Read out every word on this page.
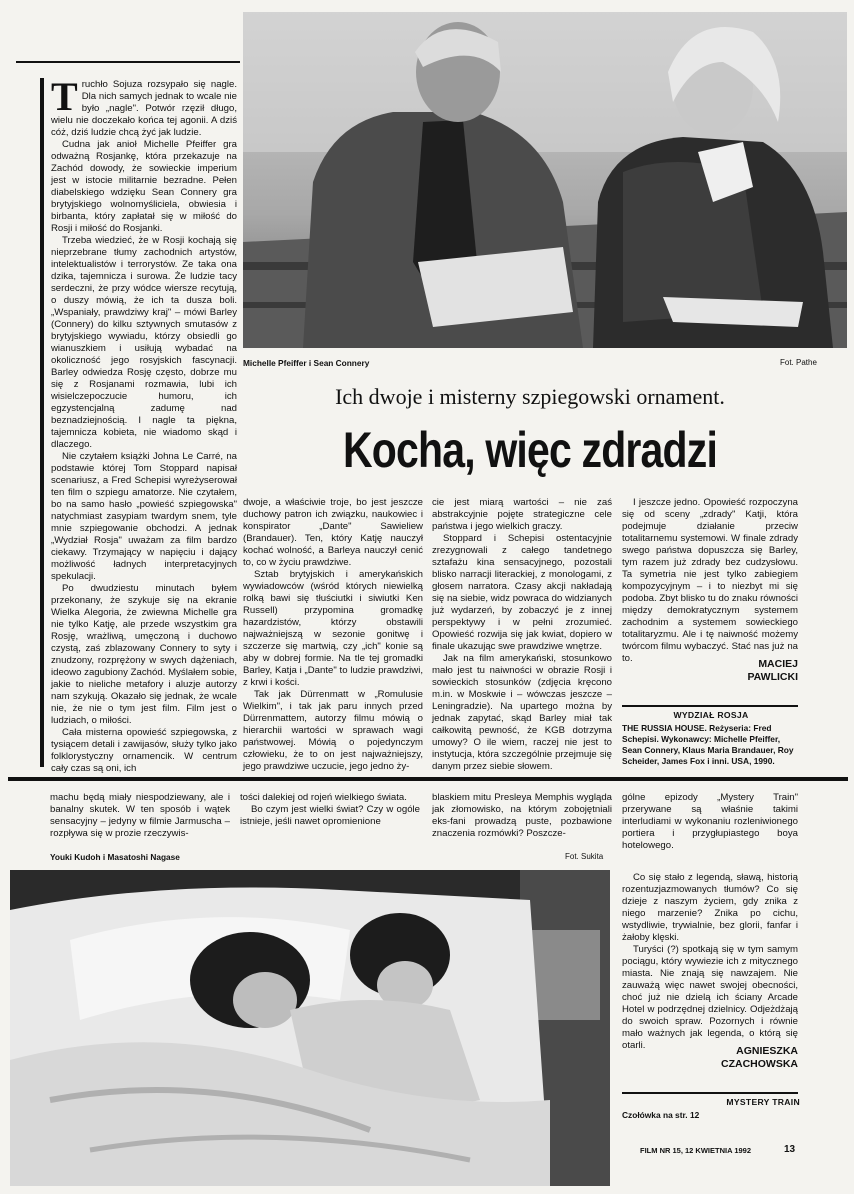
Michelle Pfeiffer i Sean Connery	Fot. Pathe
T ruchło Sojuza rozsypało się nagle. Dla nich samych jednak to wcale nie było „nagle". Potwór rzęził długo, wielu nie doczekało końca tej agonii. A dziś cóż, dziś ludzie chcą żyć jak ludzie.

Cudna jak anioł Michelle Pfeiffer gra odważną Rosjankę, która przekazuje na Zachód dowody, że sowieckie imperium jest w istocie militarnie bezradne. Pełen diabelskiego wdzięku Sean Connery gra brytyjskiego wolnomyśliciela, obwiesia i birbanta, który zapłatał się w miłość do Rosji i miłość do Rosjanki.

Trzeba wiedzieć, że w Rosji kochają się nieprzebrane tłumy zachodnich artystów, intelektualistów i terrorystów. Ze taka ona dzika, tajemnicza i surowa. Że ludzie tacy serdeczni, że przy wódce wiersze recytują, o duszy mówią, że ich ta dusza boli. „Wspaniały, prawdziwy kraj" – mówi Barley (Connery) do kilku sztywnych smutasów z brytyjskiego wywiadu, którzy obsiedli go wianuszkiem i usiłują wybadać na okoliczność jego rosyjskich fascynacji. Barley odwiedza Rosję często, dobrze mu się z Rosjanami rozmawia, lubi ich wisielczepoczucie humoru, ich egzystencjalną zadumę nad beznadziejnością. I nagle ta piękna, tajemnicza kobieta, nie wiadomo skąd i dlaczego.

Nie czytałem książki Johna Le Carré, na podstawie której Tom Stoppard napisał scenariusz, a Fred Schepisi wyreżyserował ten film o szpiegu amatorze. Nie czytałem, bo na samo hasło „powieść szpiegowska" natychmiast zasypiam twardym snem, tyle mnie szpiegowanie obchodzi. A jednak „Wydział Rosja" uważam za film bardzo ciekawy. Trzymający w napięciu i dający możliwość ładnych interpretacyjnych spekulacji.

Po dwudziestu minutach byłem przekonany, że szykuje się na ekranie Wielka Alegoria, że zwiewna Michelle gra nie tylko Katję, ale przede wszystkim gra Rosję, wrażliwą, umęczoną i duchowo czystą, zaś zblazowany Connery to syty i znudzony, rozprężony w swych dążeniach, ideowo zagubiony Zachód. Myślałem sobie, jakie to nieliche metafory i aluzje autorzy nam szykują. Okazało się jednak, że wcale nie, że nie o tym jest film. Film jest o ludziach, o miłości.

Cała misterna opowieść szpiegowska, z tysiącem detali i zawijasów, służy tylko jako folklorystyczny ornamencik. W centrum cały czas są oni, ich

Ich dwoje i misterny szpiegowski ornament.
Kocha, więc zdradzi

dwoje, a właściwie troje, bo jest jeszcze duchowy patron ich związku, naukowiec i konspirator „Dante" Sawieliew (Brandauer). Ten, który Katję nauczył kochać wolność, a Barleya nauczył cenić to, co w życiu prawdziwe.

Sztab brytyjskich i amerykańskich wywiadowców (wśród których niewielką rolką bawi się tłuściutki i siwiutki Ken Russell) przypomina gromadkę hazardzistów, którzy obstawili najważniejszą w sezonie gonitwę i szczerze się martwią, czy „ich" konie są aby w dobrej formie. Na tle tej gromadki Barley, Katja i „Dante" to ludzie prawdziwi, z krwi i kości.

Tak jak Dürrenmatt w „Romulusie Wielkim", i tak jak paru innych przed Dürrenmattem, autorzy filmu mówią o hierarchii wartości w sprawach wagi państwowej. Mówią o pojedynczym człowieku, że to on jest najważniejszy, jego prawdziwe uczucie, jego jedno ży-

cie jest miarą wartości – nie zaś abstrakcyjnie pojęte strategiczne cele państwa i jego wielkich graczy.

Stoppard i Schepisi ostentacyjnie zrezygnowali z całego tandetnego sztafażu kina sensacyjnego, pozostali blisko narracji literackiej, z monologami, z głosem narratora. Czasy akcji nakładają się na siebie, widz powraca do widzianych już wydarzeń, by zobaczyć je z innej perspektywy i w pełni zrozumieć. Opowieść rozwija się jak kwiat, dopiero w finale ukazując swe prawdziwe wnętrze.

Jak na film amerykański, stosunkowo mało jest tu naiwności w obrazie Rosji i sowieckich stosunków (zdjęcia kręcono m.in. w Moskwie i – wówczas jeszcze – Leningradzie). Na upartego można by jednak zapytać, skąd Barley miał tak całkowitą pewność, że KGB dotrzyma umowy? O ile wiem, raczej nie jest to instytucja, która szczególnie przejmuje się danym przez siebie słowem.

I jeszcze jedno. Opowieść rozpoczyna się od sceny „zdrady" Katji, która podejmuje działanie przeciw totalitarnemu systemowi. W finale zdrady swego państwa dopuszcza się Barley, tym razem już zdrady bez cudzysłowu. Ta symetria nie jest tylko zabiegiem kompozycyjnym – i to niezbyt mi się podoba. Zbyt blisko tu do znaku równości między demokratycznym systemem zachodnim a systemem sowieckiego totalitaryzmu. Ale i tę naiwność możemy twórcom filmu wybaczyć. Stać nas już na to.	MACIEJ
PAWLICKI
WYDZIAŁ ROSJA
THE RUSSIA HOUSE. Reżyseria: Fred Schepisi. Wykonawcy: Michelle Pfeiffer, Sean Connery, Klaus Maria Brandauer, Roy Scheider, James Fox i inni. USA, 1990.

machu będą miały niespodziewany, ale i banalny skutek. W ten sposób i wątek sensacyjny – jedyny w filmie Jarmuscha – rozpływa się w prozie rzeczywis-

tości dalekiej od rojeń wielkiego świata.

Bo czym jest wielki świat? Czy w ogóle istnieje, jeśli nawet opromienione

blaskiem mitu Presleya Memphis wygląda jak złomowisko, na którym zobojętniali eks-fani prowadzą puste, pozbawione znaczenia rozmówki? Poszcze-

gólne epizody „Mystery Train" przerywane są właśnie takimi interludiami w wykonaniu rozleniwionego portiera i przygłupiastego boya hotelowego.

Youki Kudoh i Masatoshi Nagase	Fot. Sukita

Co się stało z legendą, sławą, historią rozentuzjazmowanych tłumów? Co się dzieje z naszym życiem, gdy znika z niego marzenie? Znika po cichu, wstydliwie, trywialnie, bez glorii, fanfar i żałoby klęski.

Turyści (?) spotkają się w tym samym pociągu, który wywiezie ich z mitycznego miasta. Nie znają się nawzajem. Nie zauważą więc nawet swojej obecności, choć już nie dzielą ich ściany Arcade Hotel w podrzędnej dzielnicy. Odjeżdżają do swoich spraw. Pozornych i równie mało ważnych jak legenda, o którą się otarli.	AGNIESZKA
CZACHOWSKA
MYSTERY TRAIN
Czołówka na str. 12
FILM NR 15, 12 KWIETNIA 1992	13
